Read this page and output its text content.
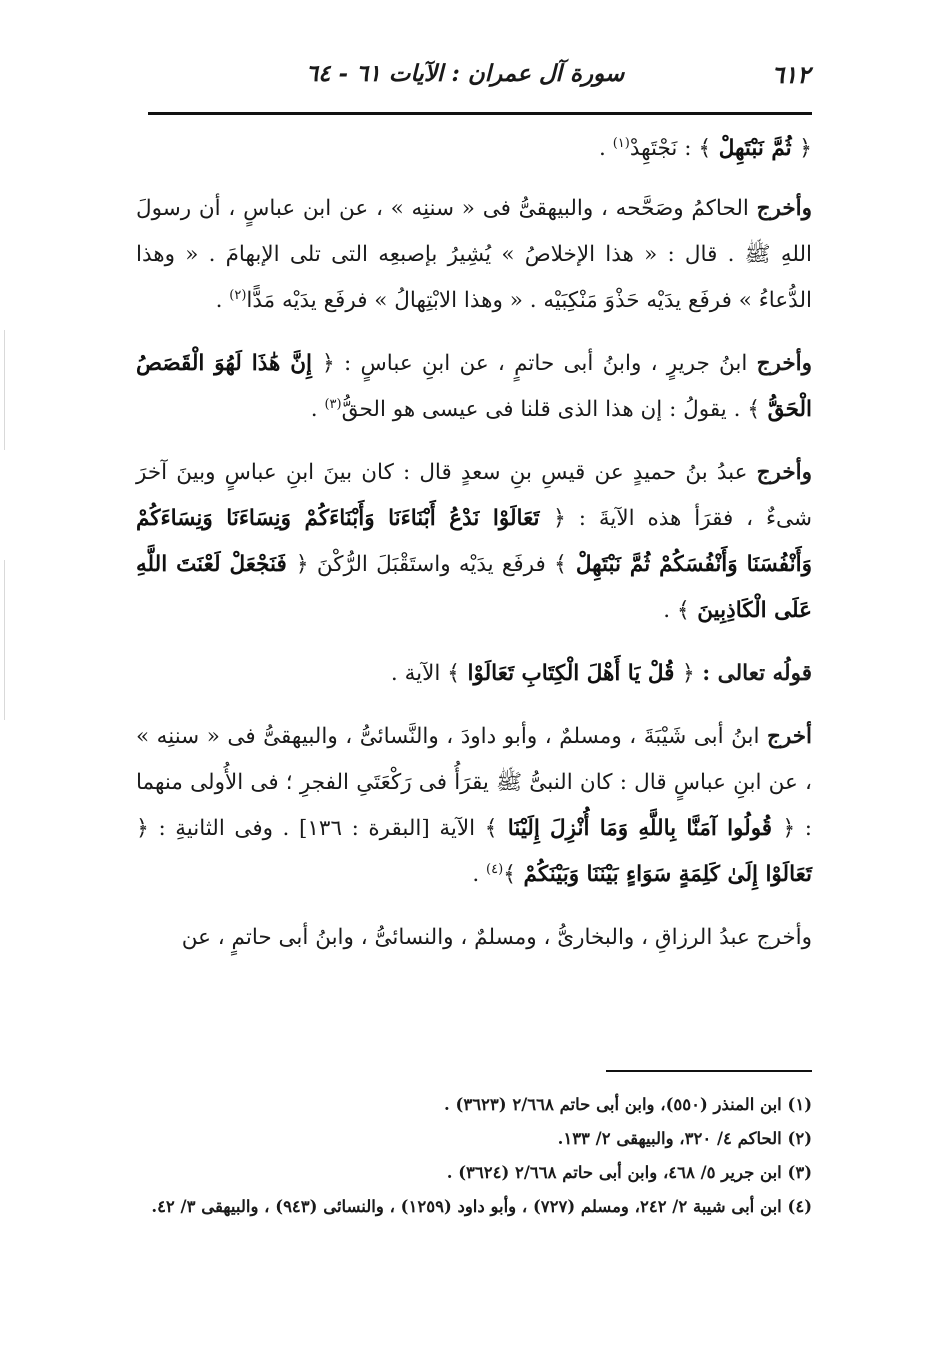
٦١٢
سورة آل عمران : الآيات ٦١ - ٦٤

﴿ ثُمَّ نَبْتَهِلْ ﴾ : نَجْتَهِدْ$^{(١)}$ .

وأخرج الحاكمُ وصَحَّحه ، والبيهقىُّ فى « سننِه » ، عن ابن عباسٍ ، أن رسولَ اللهِ ﷺ . قال : « هذا الإخلاصُ » يُشِيرُ بإصبعِه التى تلى الإبهامَ . « وهذا الدُّعاءُ » فرفَع يدَيْه حَذْوَ مَنْكِبَيْه . « وهذا الابْتِهالُ » فرفَع يدَيْه مَدًّا$^{(٢)}$ .

وأخرج ابنُ جريرٍ ، وابنُ أبى حاتمٍ ، عن ابنِ عباسٍ : ﴿ إِنَّ هَٰذَا لَهُوَ الْقَصَصُ الْحَقُّ ﴾ . يقولُ : إن هذا الذى قلنا فى عيسى هو الحقُّ$^{(٣)}$ .

وأخرج عبدُ بنُ حميدٍ عن قيسِ بنِ سعدٍ قال : كان بينَ ابنِ عباسٍ وبينَ آخرَ شىءٌ ، فقرَأ هذه الآيةَ : ﴿ تَعَالَوْا نَدْعُ أَبْنَاءَنَا وَأَبْنَاءَكُمْ وَنِسَاءَنَا وَنِسَاءَكُمْ وَأَنْفُسَنَا وَأَنْفُسَكُمْ ثُمَّ نَبْتَهِلْ ﴾ فرفَع يدَيْه واستَقْبَلَ الرُّكْنَ ﴿ فَنَجْعَلْ لَعْنَتَ اللَّهِ عَلَى الْكَاذِبِينَ ﴾ .

قولُه تعالى : ﴿ قُلْ يَا أَهْلَ الْكِتَابِ تَعَالَوْا ﴾ الآية .

أخرج ابنُ أبى شَيْبَةَ ، ومسلمٌ ، وأبو داودَ ، والنَّسائىُّ ، والبيهقىُّ فى « سننِه » ، عن ابنِ عباسٍ قال : كان النبىُّ ﷺ يقرَأُ فى رَكْعَتَىِ الفجرِ ؛ فى الأُولى منهما : ﴿ قُولُوا آمَنَّا بِاللَّهِ وَمَا أُنْزِلَ إِلَيْنَا ﴾ الآية [البقرة : ١٣٦] . وفى الثانيةِ : ﴿ تَعَالَوْا إِلَىٰ كَلِمَةٍ سَوَاءٍ بَيْنَنَا وَبَيْنَكُمْ ﴾$^{(٤)}$ .

وأخرج عبدُ الرزاقِ ، والبخارىُّ ، ومسلمٌ ، والنسائىُّ ، وابنُ أبى حاتمٍ ، عن

(١) ابن المنذر (٥٥٠)، وابن أبى حاتم ٢/٦٦٨ (٣٦٢٣) .

(٢) الحاكم ٤/ ٣٢٠، والبيهقى ٢/ ١٣٣.

(٣) ابن جرير ٥/ ٤٦٨، وابن أبى حاتم ٢/٦٦٨ (٣٦٢٤) .

(٤) ابن أبى شيبة ٢/ ٢٤٢، ومسلم (٧٢٧) ، وأبو داود (١٢٥٩) ، والنسائى (٩٤٣) ، والبيهقى ٣/ ٤٢.
